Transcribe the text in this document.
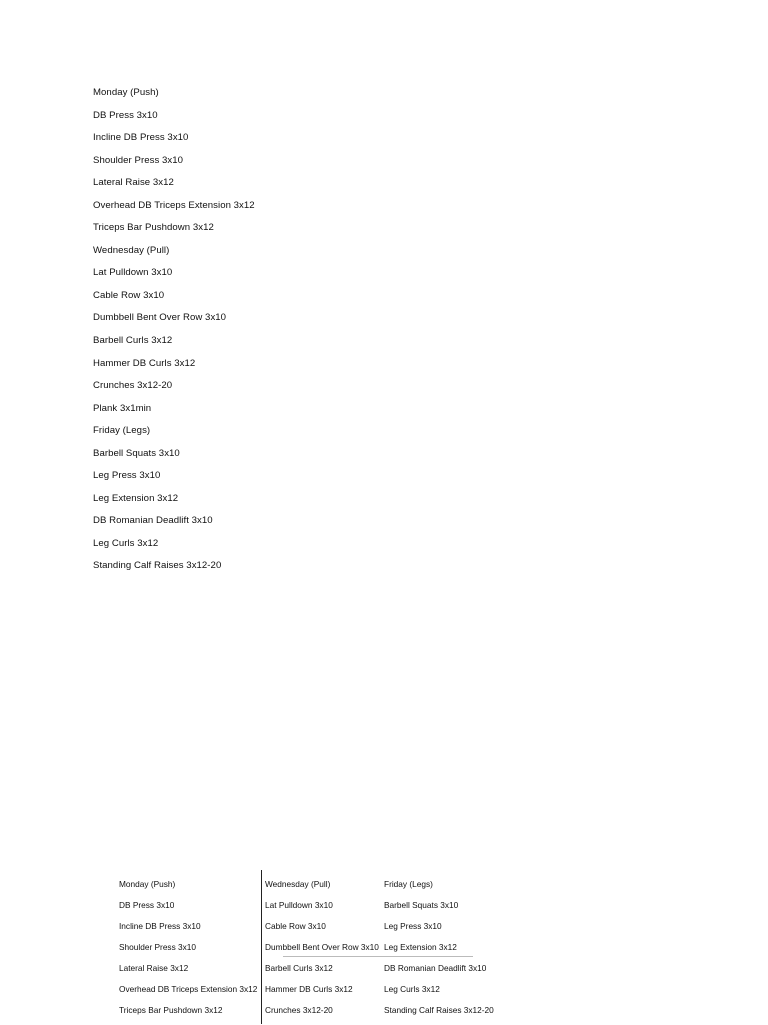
Monday (Push)
DB Press 3x10
Incline DB Press 3x10
Shoulder Press 3x10
Lateral Raise 3x12
Overhead DB Triceps Extension 3x12
Triceps Bar Pushdown 3x12
Wednesday (Pull)
Lat Pulldown 3x10
Cable Row 3x10
Dumbbell Bent Over Row 3x10
Barbell Curls 3x12
Hammer DB Curls 3x12
Crunches 3x12-20
Plank 3x1min
Friday (Legs)
Barbell Squats 3x10
Leg Press 3x10
Leg Extension 3x12
DB Romanian Deadlift 3x10
Leg Curls 3x12
Standing Calf Raises 3x12-20
Monday (Push)
DB Press 3x10
Incline DB Press 3x10
Shoulder Press 3x10
Lateral Raise 3x12
Overhead DB Triceps Extension 3x12
Triceps Bar Pushdown 3x12
Wednesday (Pull)
Lat Pulldown 3x10
Cable Row 3x10
Dumbbell Bent Over Row 3x10
Barbell Curls 3x12
Hammer DB Curls 3x12
Crunches 3x12-20
Friday (Legs)
Barbell Squats 3x10
Leg Press 3x10
Leg Extension 3x12
DB Romanian Deadlift 3x10
Leg Curls 3x12
Standing Calf Raises 3x12-20
